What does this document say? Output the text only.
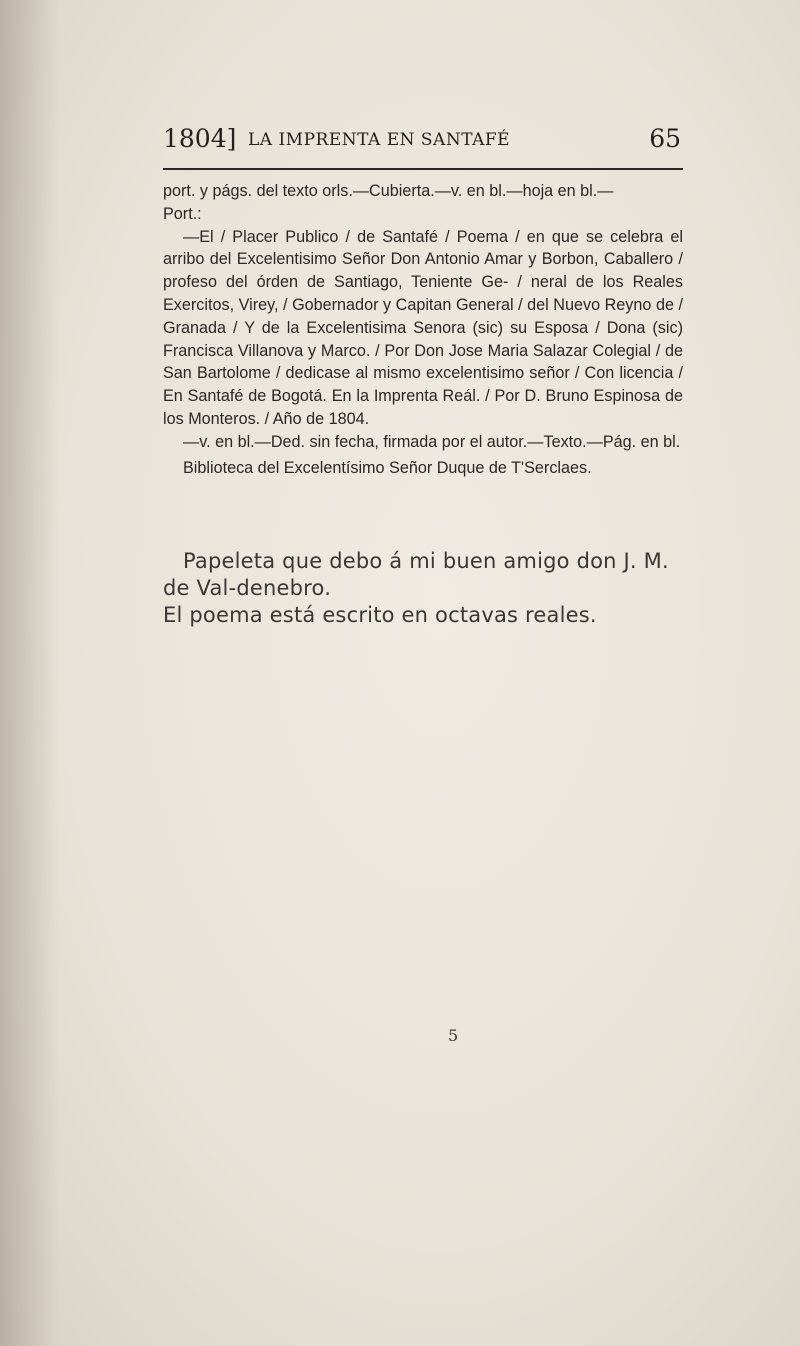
1804] LA IMPRENTA EN SANTAFÉ	65

port. y págs. del texto orls.—Cubierta.—v. en bl.—hoja en bl.—

Port.:

—El / Placer Publico / de Santafé / Poema / en que se celebra el arribo del Excelentisimo Señor Don Antonio Amar y Borbon, Caballero / profeso del órden de Santiago, Teniente Ge- / neral de los Reales Exercitos, Virey, / Gobernador y Capitan General / del Nuevo Reyno de / Granada / Y de la Excelentisima Senora (sic) su Esposa / Dona (sic) Francisca Villanova y Marco. / Por Don Jose Maria Salazar Colegial / de San Bartolome / dedicase al mismo excelentisimo señor / Con licencia / En Santafé de Bogotá. En la Imprenta Reál. / Por D. Bruno Espinosa de los Monteros. / Año de 1804.

—v. en bl.—Ded. sin fecha, firmada por el autor.—Texto.—Pág. en bl.

Biblioteca del Excelentísimo Señor Duque de T'Serclaes.

Papeleta que debo á mi buen amigo don J. M. de Val-denebro.

El poema está escrito en octavas reales.

5
